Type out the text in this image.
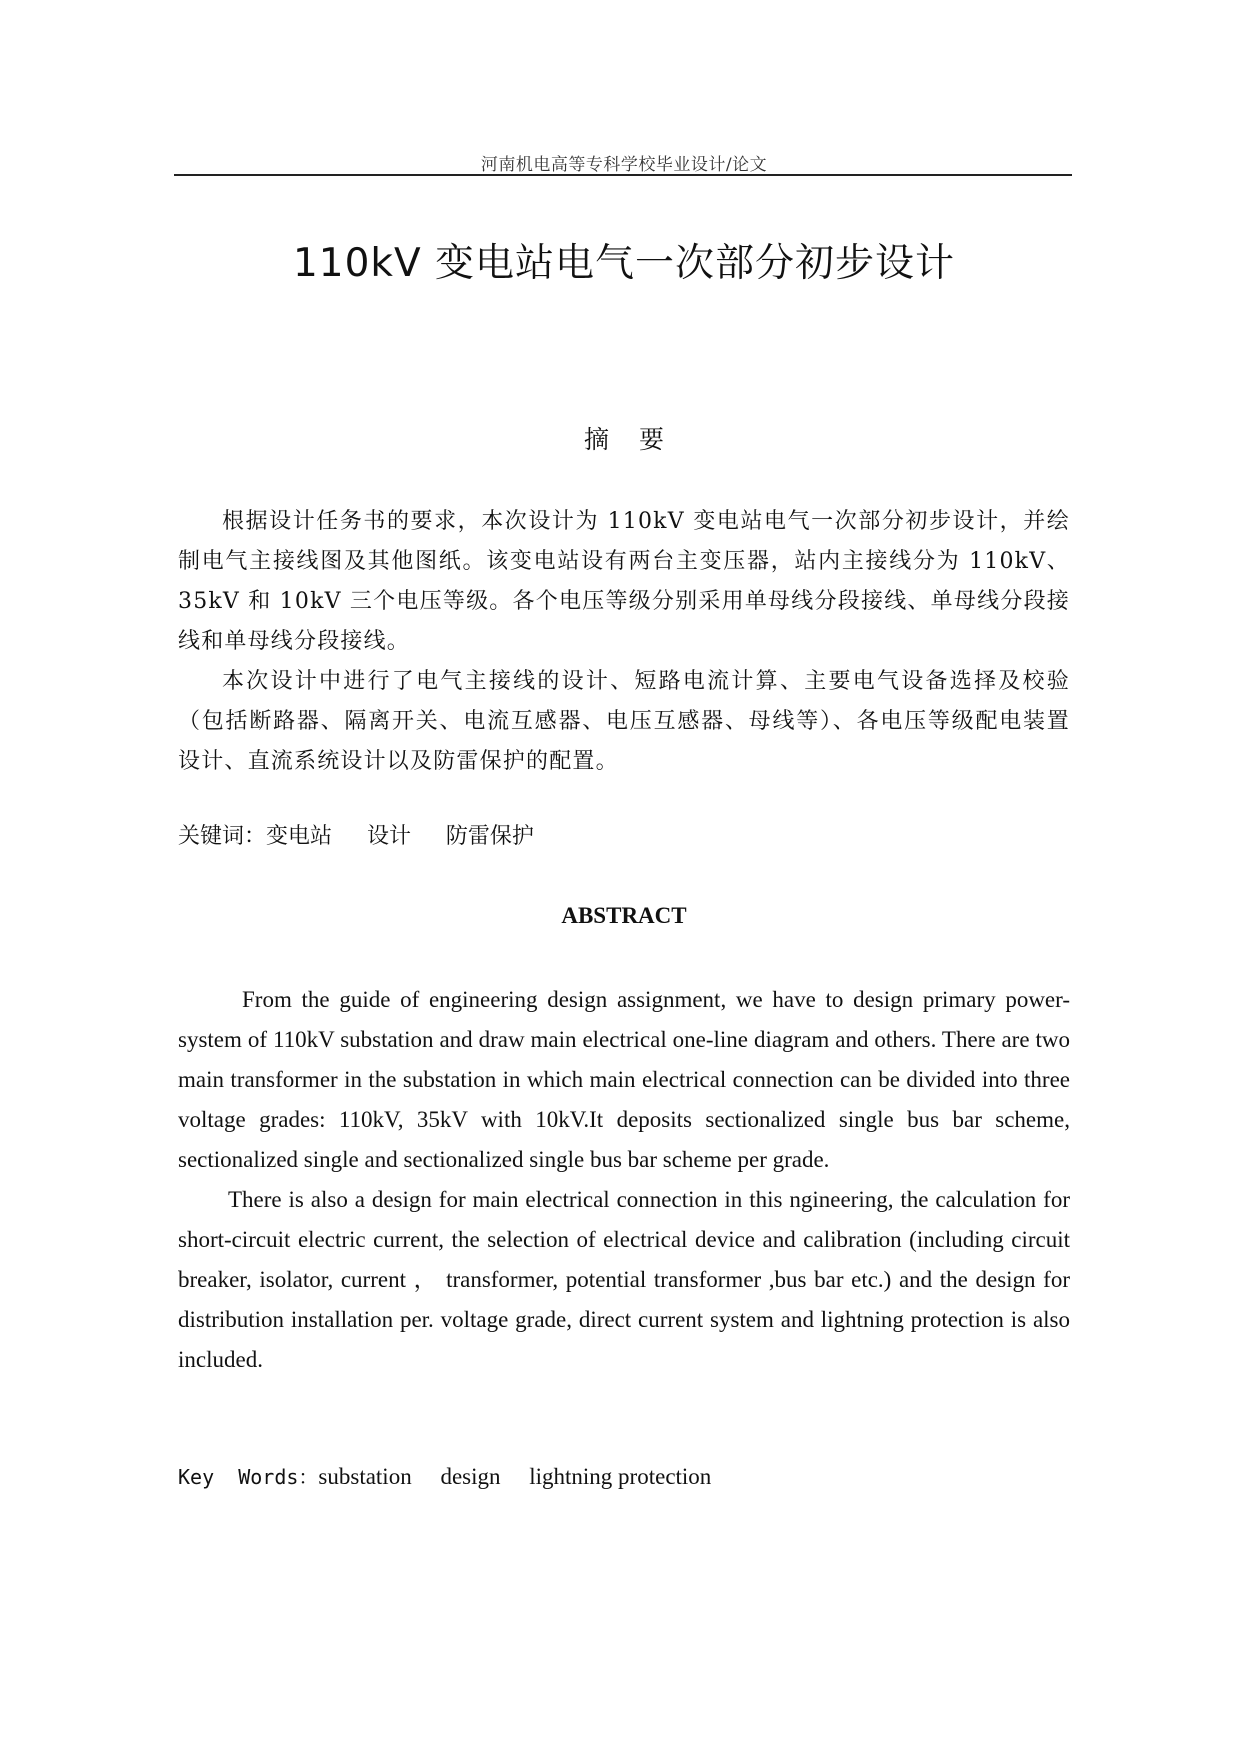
河南机电高等专科学校毕业设计/论文
110kV 变电站电气一次部分初步设计
摘要

根据设计任务书的要求，本次设计为 110kV 变电站电气一次部分初步设计，并绘制电气主接线图及其他图纸。该变电站设有两台主变压器，站内主接线分为 110kV、35kV 和 10kV 三个电压等级。各个电压等级分别采用单母线分段接线、单母线分段接线和单母线分段接线。

本次设计中进行了电气主接线的设计、短路电流计算、主要电气设备选择及校验（包括断路器、隔离开关、电流互感器、电压互感器、母线等）、各电压等级配电装置设计、直流系统设计以及防雷保护的配置。

关键词：变电站     设计     防雷保护
ABSTRACT

From the guide of engineering design assignment, we have to design primary power-system of 110kV substation and draw main electrical one-line diagram and others. There are two main transformer in the substation in which main electrical connection can be divided into three voltage grades: 110kV, 35kV with 10kV.It deposits sectionalized single bus bar scheme, sectionalized single and sectionalized single bus bar scheme per grade.

There is also a design for main electrical connection in this ngineering, the calculation for short-circuit electric current, the selection of electrical device and calibration (including circuit breaker, isolator, current ， transformer, potential transformer ,bus bar etc.) and the design for distribution installation per. voltage grade, direct current system and lightning protection is also included.

Key  Words：substation     design     lightning protection
